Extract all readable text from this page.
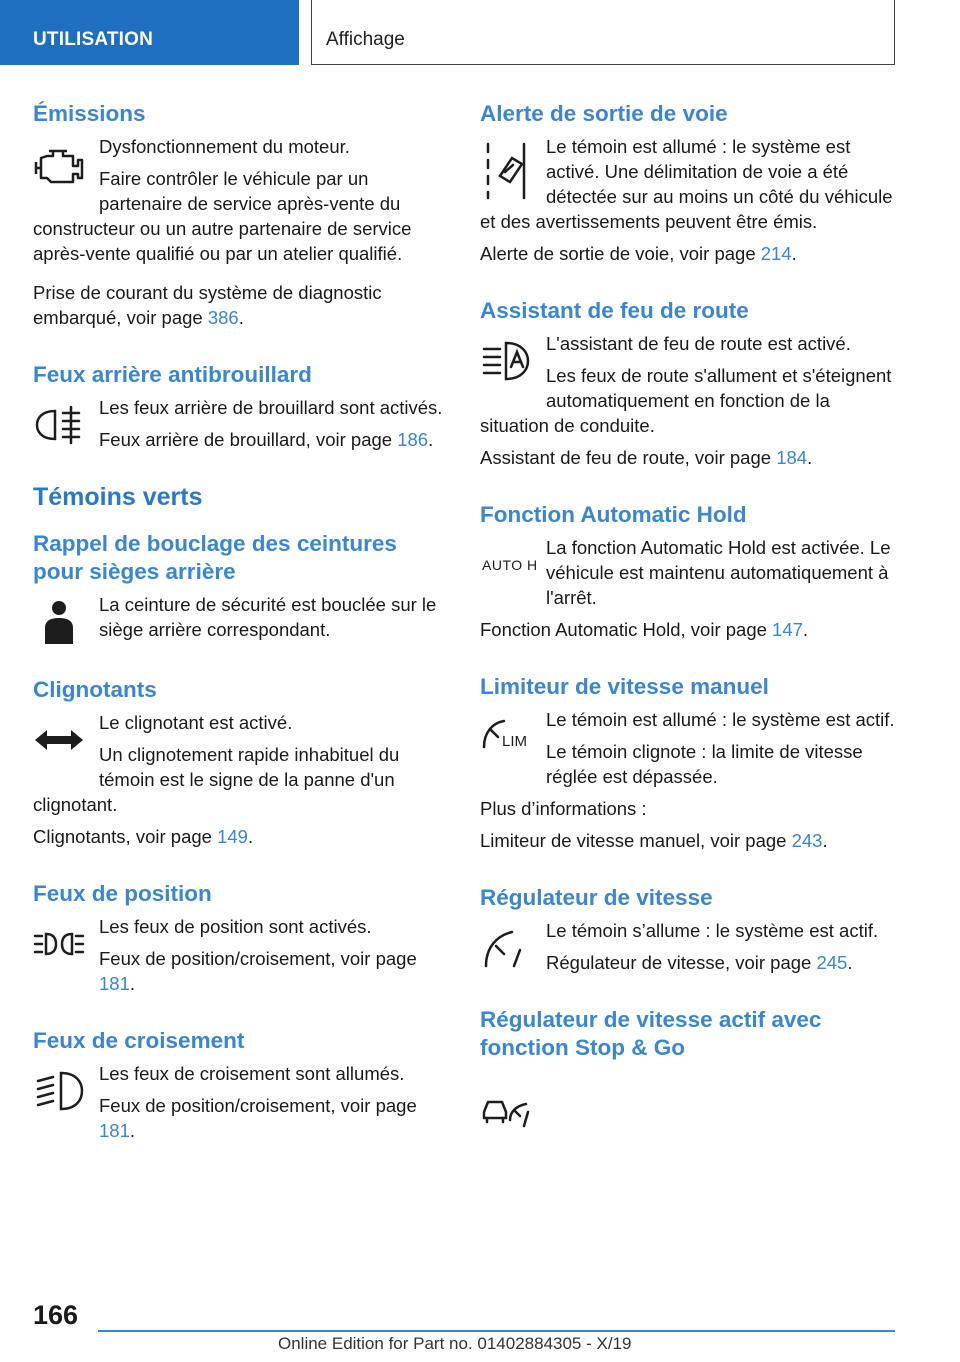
UTILISATION	Affichage
Émissions

Dysfonctionnement du moteur.

Faire contrôler le véhicule par un partenaire de service après-vente du constructeur ou un autre partenaire de service après-vente qualifié ou par un atelier qualifié.

Prise de courant du système de diagnostic embarqué, voir page 386.

Feux arrière antibrouillard

Les feux arrière de brouillard sont activés.

Feux arrière de brouillard, voir page 186.

Témoins verts
Rappel de bouclage des ceintures pour sièges arrière

La ceinture de sécurité est bouclée sur le siège arrière correspondant.

Clignotants

Le clignotant est activé.

Un clignotement rapide inhabituel du témoin est le signe de la panne d'un clignotant.

Clignotants, voir page 149.

Feux de position

Les feux de position sont activés.

Feux de position/croisement, voir page 181.

Feux de croisement

Les feux de croisement sont allumés.

Feux de position/croisement, voir page 181.

Alerte de sortie de voie

Le témoin est allumé : le système est activé. Une délimitation de voie a été détectée sur au moins un côté du véhicule et des avertissements peuvent être émis.

Alerte de sortie de voie, voir page 214.

Assistant de feu de route

L'assistant de feu de route est activé.

Les feux de route s'allument et s'éteignent automatiquement en fonction de la situation de conduite.

Assistant de feu de route, voir page 184.

Fonction Automatic Hold
AUTO H

La fonction Automatic Hold est activée. Le véhicule est maintenu automatiquement à l'arrêt.

Fonction Automatic Hold, voir page 147.

Limiteur de vitesse manuel
LIM

Le témoin est allumé : le système est actif.

Le témoin clignote : la limite de vitesse réglée est dépassée.

Plus d’informations :

Limiteur de vitesse manuel, voir page 243.

Régulateur de vitesse

Le témoin s’allume : le système est actif.

Régulateur de vitesse, voir page 245.

Régulateur de vitesse actif avec fonction Stop & Go
166
Online Edition for Part no. 01402884305 - X/19
